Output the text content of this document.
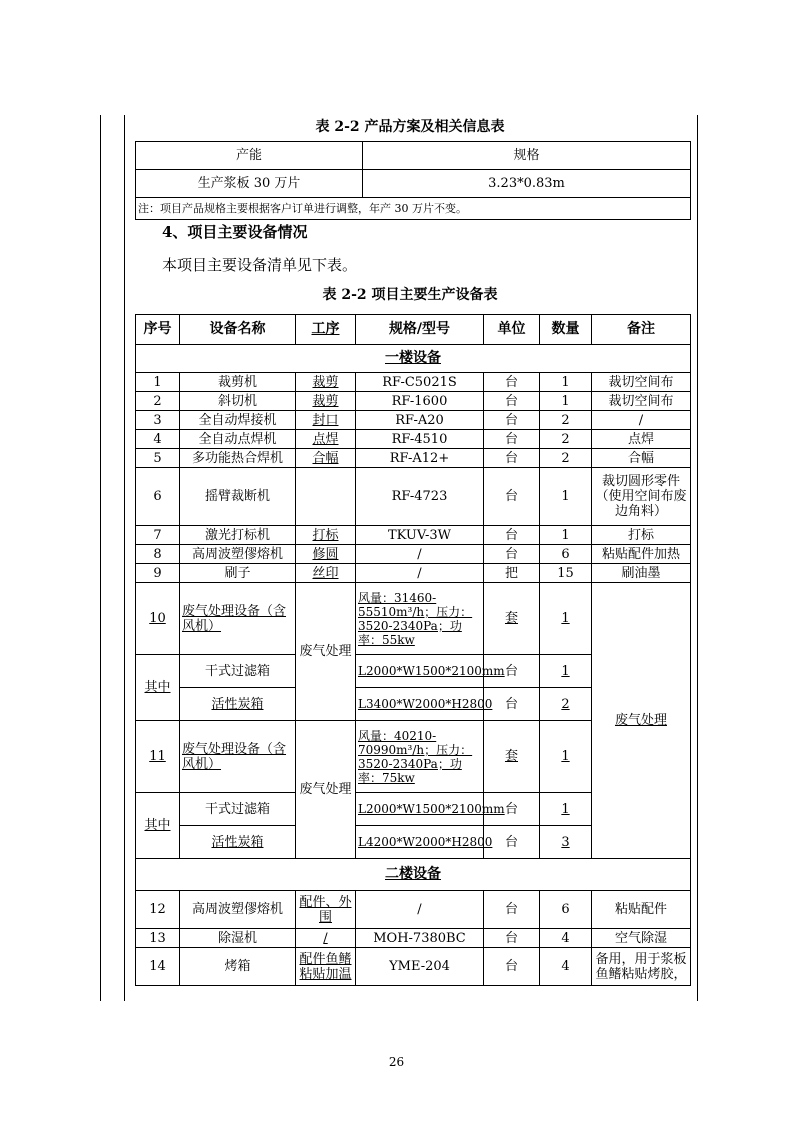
表 2-2 产品方案及相关信息表
产能	规格
生产浆板 30 万片	3.23*0.83m
注：项目产品规格主要根据客户订单进行调整，年产 30 万片不变。	
4、项目主要设备情况
本项目主要设备清单见下表。
表 2-2 项目主要生产设备表
序号	设备名称	工序	规格/型号	单位	数量	备注
一楼设备						
1	裁剪机	裁剪	RF-C5021S	台	1	裁切空间布
2	斜切机	裁剪	RF-1600	台	1	裁切空间布
3	全自动焊接机	封口	RF-A20	台	2	/
4	全自动点焊机	点焊	RF-4510	台	2	点焊
5	多功能热合焊机	合幅	RF-A12+	台	2	合幅
6	摇臂裁断机		RF-4723	台	1	裁切圆形零件（使用空间布废边角料）
7	激光打标机	打标	TKUV-3W	台	1	打标
8	高周波塑僇熔机	修圆	/	台	6	粘贴配件加热
9	刷子	丝印	/	把	15	刷油墨
10	废气处理设备（含风机）	废气处理	风量：31460-55510m³/h；压力：3520-2340Pa；功率：55kw	套	1	废气处理
其中	干式过滤箱		L2000*W1500*2100mm	台	1	
	活性炭箱		L3400*W2000*H2800	台	2	
11	废气处理设备（含风机）	废气处理	风量：40210-70990m³/h；压力：3520-2340Pa；功率：75kw	套	1	
其中	干式过滤箱		L2000*W1500*2100mm	台	1	
	活性炭箱		L4200*W2000*H2800	台	3	
二楼设备						
12	高周波塑僇熔机	配件、外围	/	台	6	粘贴配件
13	除湿机	/	MOH-7380BC	台	4	空气除湿
14	烤箱	配件鱼鳍粘贴加温	YME-204	台	4	备用，用于浆板鱼鳍粘贴烤胶，
26
